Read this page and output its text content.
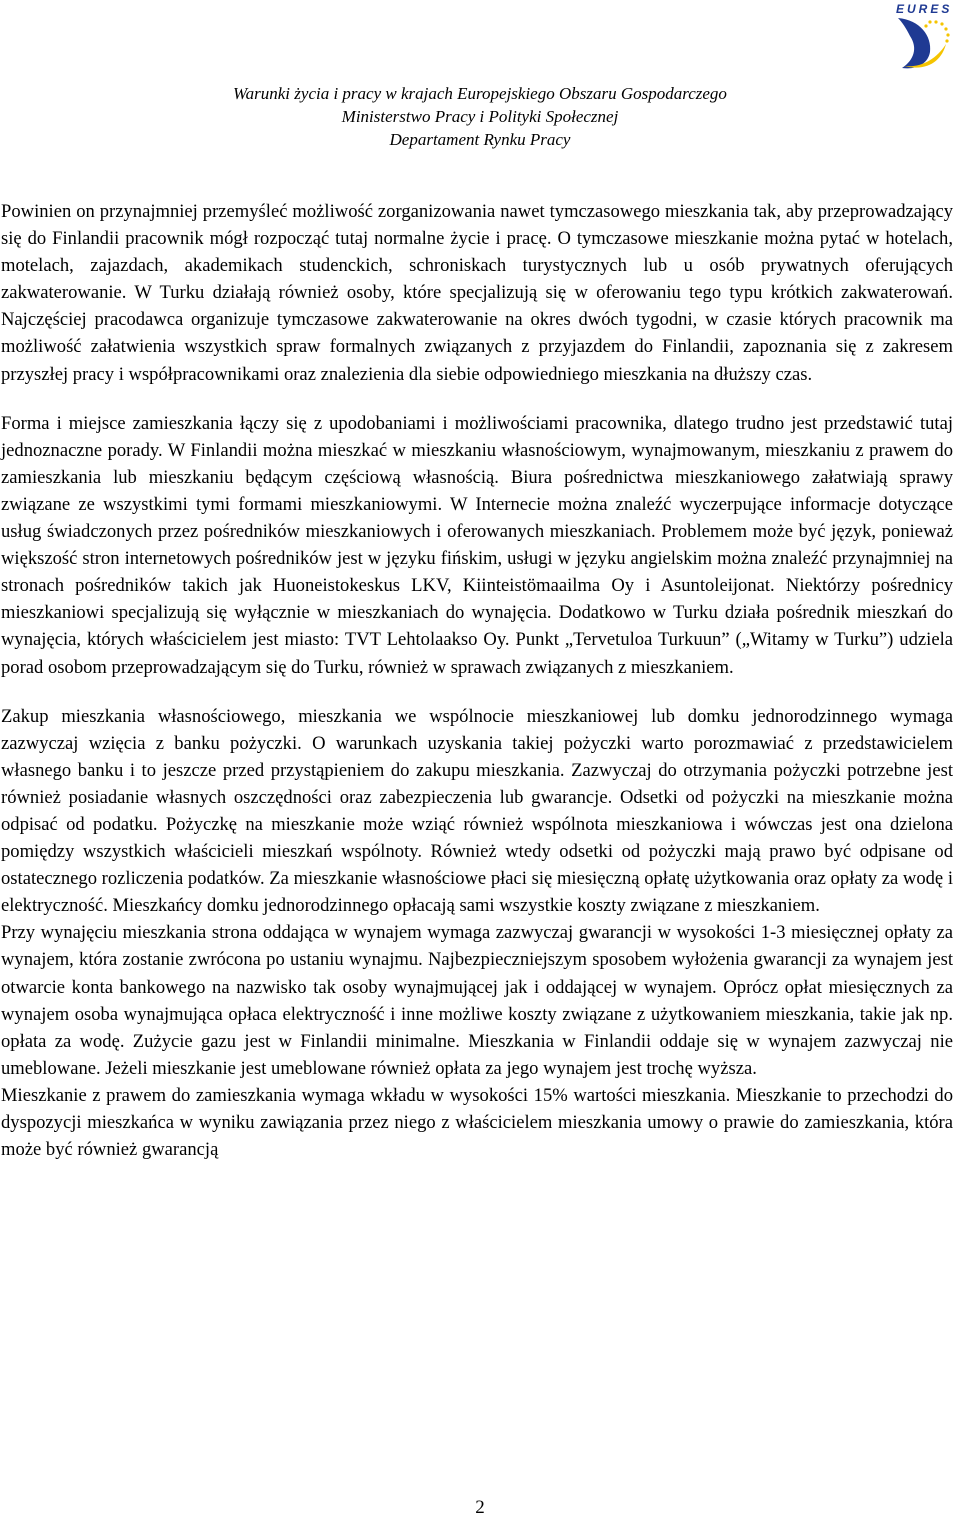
EURES
Warunki życia i pracy w krajach Europejskiego Obszaru Gospodarczego
Ministerstwo Pracy i Polityki Społecznej
Departament Rynku Pracy

Powinien on przynajmniej przemyśleć możliwość zorganizowania nawet tymczasowego mieszkania tak, aby przeprowadzający się do Finlandii pracownik mógł rozpocząć tutaj normalne życie i pracę. O tymczasowe mieszkanie można pytać w hotelach, motelach, zajazdach, akademikach studenckich, schroniskach turystycznych lub u osób prywatnych oferujących zakwaterowanie. W Turku działają również osoby, które specjalizują się w oferowaniu tego typu krótkich zakwaterowań. Najczęściej pracodawca organizuje tymczasowe zakwaterowanie na okres dwóch tygodni, w czasie których pracownik ma możliwość załatwienia wszystkich spraw formalnych związanych z przyjazdem do Finlandii, zapoznania się z zakresem przyszłej pracy i współpracownikami oraz znalezienia dla siebie odpowiedniego mieszkania na dłuższy czas.

Forma i miejsce zamieszkania łączy się z upodobaniami i możliwościami pracownika, dlatego trudno jest przedstawić tutaj jednoznaczne porady. W Finlandii można mieszkać w mieszkaniu własnościowym, wynajmowanym, mieszkaniu z prawem do zamieszkania lub mieszkaniu będącym częściową własnością. Biura pośrednictwa mieszkaniowego załatwiają sprawy związane ze wszystkimi tymi formami mieszkaniowymi. W Internecie można znaleźć wyczerpujące informacje dotyczące usług świadczonych przez pośredników mieszkaniowych i oferowanych mieszkaniach. Problemem może być język, ponieważ większość stron internetowych pośredników jest w języku fińskim, usługi w języku angielskim można znaleźć przynajmniej na stronach pośredników takich jak Huoneistokeskus LKV, Kiinteistömaailma Oy i Asuntoleijonat. Niektórzy pośrednicy mieszkaniowi specjalizują się wyłącznie w mieszkaniach do wynajęcia. Dodatkowo w Turku działa pośrednik mieszkań do wynajęcia, których właścicielem jest miasto: TVT Lehtolaakso Oy. Punkt „Tervetuloa Turkuun” („Witamy w Turku”) udziela porad osobom przeprowadzającym się do Turku, również w sprawach związanych z mieszkaniem.

Zakup mieszkania własnościowego, mieszkania we wspólnocie mieszkaniowej lub domku jednorodzinnego wymaga zazwyczaj wzięcia z banku pożyczki. O warunkach uzyskania takiej pożyczki warto porozmawiać z przedstawicielem własnego banku i to jeszcze przed przystąpieniem do zakupu mieszkania. Zazwyczaj do otrzymania pożyczki potrzebne jest również posiadanie własnych oszczędności oraz zabezpieczenia lub gwarancje. Odsetki od pożyczki na mieszkanie można odpisać od podatku. Pożyczkę na mieszkanie może wziąć również wspólnota mieszkaniowa i wówczas jest ona dzielona pomiędzy wszystkich właścicieli mieszkań wspólnoty. Również wtedy odsetki od pożyczki mają prawo być odpisane od ostatecznego rozliczenia podatków. Za mieszkanie własnościowe płaci się miesięczną opłatę użytkowania oraz opłaty za wodę i elektryczność. Mieszkańcy domku jednorodzinnego opłacają sami wszystkie koszty związane z mieszkaniem.

Przy wynajęciu mieszkania strona oddająca w wynajem wymaga zazwyczaj gwarancji w wysokości 1-3 miesięcznej opłaty za wynajem, która zostanie zwrócona po ustaniu wynajmu. Najbezpieczniejszym sposobem wyłożenia gwarancji za wynajem jest otwarcie konta bankowego na nazwisko tak osoby wynajmującej jak i oddającej w wynajem. Oprócz opłat miesięcznych za wynajem osoba wynajmująca opłaca elektryczność i inne możliwe koszty związane z użytkowaniem mieszkania, takie jak np. opłata za wodę. Zużycie gazu jest w Finlandii minimalne. Mieszkania w Finlandii oddaje się w wynajem zazwyczaj nie umeblowane. Jeżeli mieszkanie jest umeblowane również opłata za jego wynajem jest trochę wyższa.

Mieszkanie z prawem do zamieszkania wymaga wkładu w wysokości 15% wartości mieszkania. Mieszkanie to przechodzi do dyspozycji mieszkańca w wyniku zawiązania przez niego z właścicielem mieszkania umowy o prawie do zamieszkania, która może być również gwarancją

2
